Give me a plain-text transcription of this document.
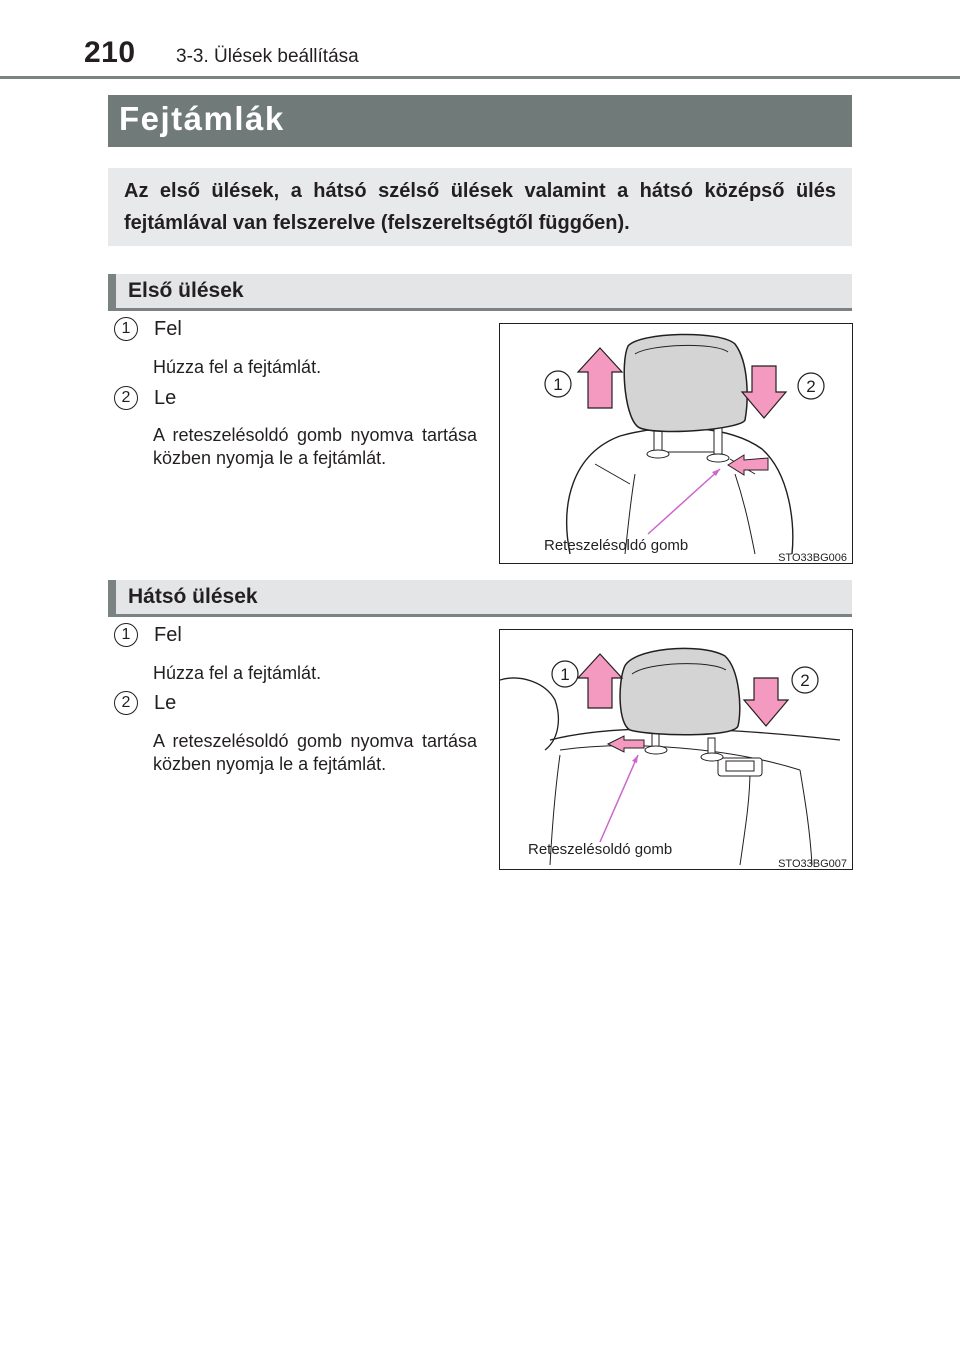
210 3-3. Ülések beállítása
Fejtámlák

Az első ülések, a hátsó szélső ülések valamint a hátsó középső ülés fejtámlával van felszerelve (felszereltségtől függően).

Első ülések
1	Fel
Húzza fel a fejtámlát.
2	Le
A reteszelésoldó gomb nyomva tartása közben nyomja le a fejtámlát.
1	2
Reteszelésoldó gomb
STO33BG006
Hátsó ülések
1	Fel
Húzza fel a fejtámlát.
2	Le
A reteszelésoldó gomb nyomva tartása közben nyomja le a fejtámlát.
1	2
Reteszelésoldó gomb
STO33BG007
